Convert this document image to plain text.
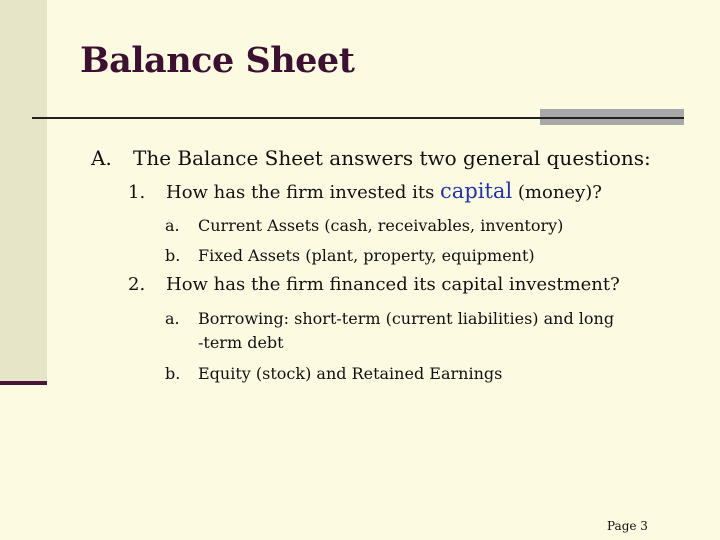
Balance Sheet
A. The Balance Sheet answers two general questions:
1. How has the firm invested its capital (money)?
a. Current Assets (cash, receivables, inventory)
b. Fixed Assets (plant, property, equipment)
2. How has the firm financed its capital investment?
a. Borrowing: short-term (current liabilities) and long
-term debt
b. Equity (stock) and Retained Earnings
Page 3
